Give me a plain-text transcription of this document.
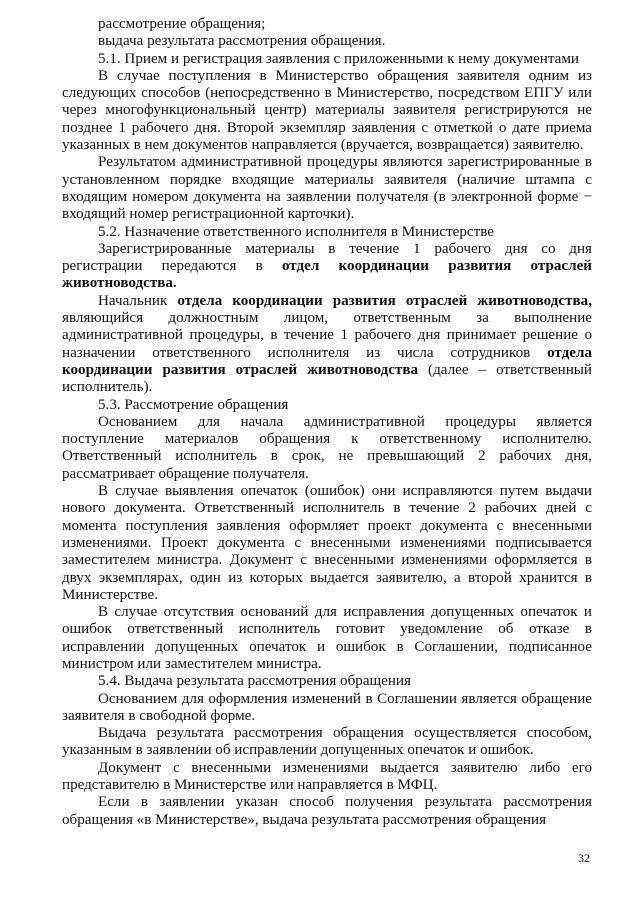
рассмотрение обращения;

выдача результата рассмотрения обращения.

5.1. Прием и регистрация заявления с приложенными к нему документами

В случае поступления в Министерство обращения заявителя одним из следующих способов (непосредственно в Министерство, посредством ЕПГУ или через многофункциональный центр) материалы заявителя регистрируются не позднее 1 рабочего дня. Второй экземпляр заявления с отметкой о дате приема указанных в нем документов направляется (вручается, возвращается) заявителю.

Результатом административной процедуры являются зарегистрированные в установленном порядке входящие материалы заявителя (наличие штампа с входящим номером документа на заявлении получателя (в электронной форме − входящий номер регистрационной карточки).

5.2. Назначение ответственного исполнителя в Министерстве

Зарегистрированные материалы в течение 1 рабочего дня со дня регистрации передаются в отдел координации развития отраслей животноводства.

Начальник отдела координации развития отраслей животноводства, являющийся должностным лицом, ответственным за выполнение административной процедуры, в течение 1 рабочего дня принимает решение о назначении ответственного исполнителя из числа сотрудников отдела координации развития отраслей животноводства (далее – ответственный исполнитель).

5.3. Рассмотрение обращения

Основанием для начала административной процедуры является поступление материалов обращения к ответственному исполнителю. Ответственный исполнитель в срок, не превышающий 2 рабочих дня, рассматривает обращение получателя.

В случае выявления опечаток (ошибок) они исправляются путем выдачи нового документа. Ответственный исполнитель в течение 2 рабочих дней с момента поступления заявления оформляет проект документа с внесенными изменениями. Проект документа с внесенными изменениями подписывается заместителем министра. Документ с внесенными изменениями оформляется в двух экземплярах, один из которых выдается заявителю, а второй хранится в Министерстве.

В случае отсутствия оснований для исправления допущенных опечаток и ошибок ответственный исполнитель готовит уведомление об отказе в исправлении допущенных опечаток и ошибок в Соглашении, подписанное министром или заместителем министра.

5.4. Выдача результата рассмотрения обращения

Основанием для оформления изменений в Соглашении является обращение заявителя в свободной форме.

Выдача результата рассмотрения обращения осуществляется способом, указанным в заявлении об исправлении допущенных опечаток и ошибок.

Документ с внесенными изменениями выдается заявителю либо его представителю в Министерстве или направляется в МФЦ.

Если в заявлении указан способ получения результата рассмотрения обращения «в Министерстве», выдача результата рассмотрения обращения

32
